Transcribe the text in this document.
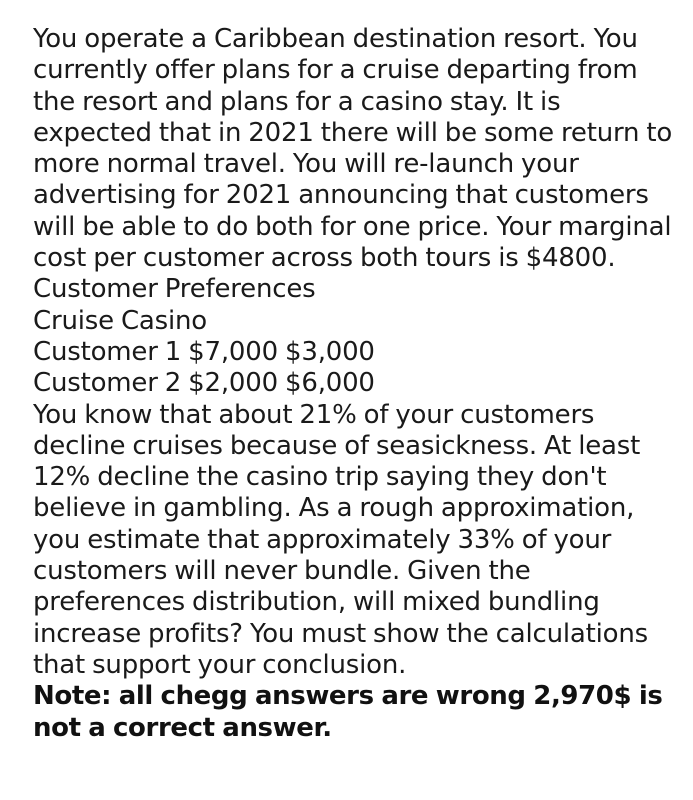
You operate a Caribbean destination resort. You currently offer plans for a cruise departing from the resort and plans for a casino stay. It is expected that in 2021 there will be some return to more normal travel. You will re-launch your advertising for 2021 announcing that customers will be able to do both for one price. Your marginal cost per customer across both tours is $4800.

Customer Preferences
Cruise Casino
Customer 1 $7,000 $3,000
Customer 2 $2,000 $6,000

You know that about 21% of your customers decline cruises because of seasickness. At least 12% decline the casino trip saying they don't believe in gambling. As a rough approximation, you estimate that approximately 33% of your customers will never bundle. Given the preferences distribution, will mixed bundling increase profits? You must show the calculations that support your conclusion.

Note: all chegg answers are wrong 2,970$ is not a correct answer.
